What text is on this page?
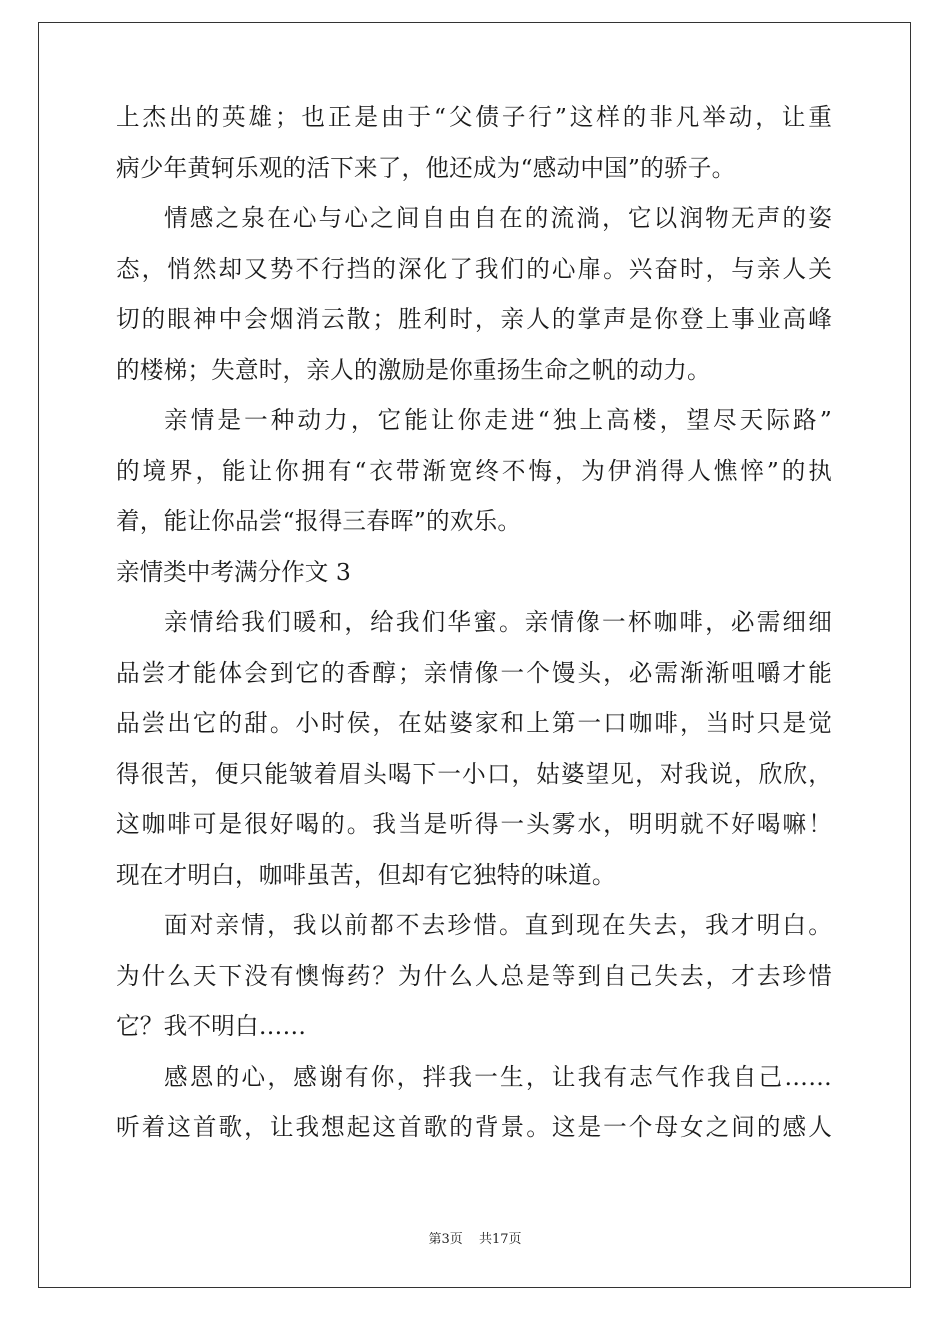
上杰出的英雄；也正是由于“父债子行”这样的非凡举动，让重
病少年黄轲乐观的活下来了，他还成为“感动中国”的骄子。
情感之泉在心与心之间自由自在的流淌，它以润物无声的姿
态，悄然却又势不行挡的深化了我们的心扉。兴奋时，与亲人关
切的眼神中会烟消云散；胜利时，亲人的掌声是你登上事业高峰
的楼梯；失意时，亲人的激励是你重扬生命之帆的动力。
亲情是一种动力，它能让你走进“独上高楼，望尽天际路”
的境界，能让你拥有“衣带渐宽终不悔，为伊消得人憔悴”的执
着，能让你品尝“报得三春晖”的欢乐。
亲情类中考满分作文 3
亲情给我们暖和，给我们华蜜。亲情像一杯咖啡，必需细细
品尝才能体会到它的香醇；亲情像一个馒头，必需渐渐咀嚼才能
品尝出它的甜。小时侯，在姑婆家和上第一口咖啡，当时只是觉
得很苦，便只能皱着眉头喝下一小口，姑婆望见，对我说，欣欣，
这咖啡可是很好喝的。我当是听得一头雾水，明明就不好喝嘛！
现在才明白，咖啡虽苦，但却有它独特的味道。
面对亲情，我以前都不去珍惜。直到现在失去，我才明白。
为什么天下没有懊悔药？为什么人总是等到自己失去，才去珍惜
它？我不明白……
感恩的心，感谢有你，拌我一生，让我有志气作我自己……
听着这首歌，让我想起这首歌的背景。这是一个母女之间的感人
第3页 共17页
